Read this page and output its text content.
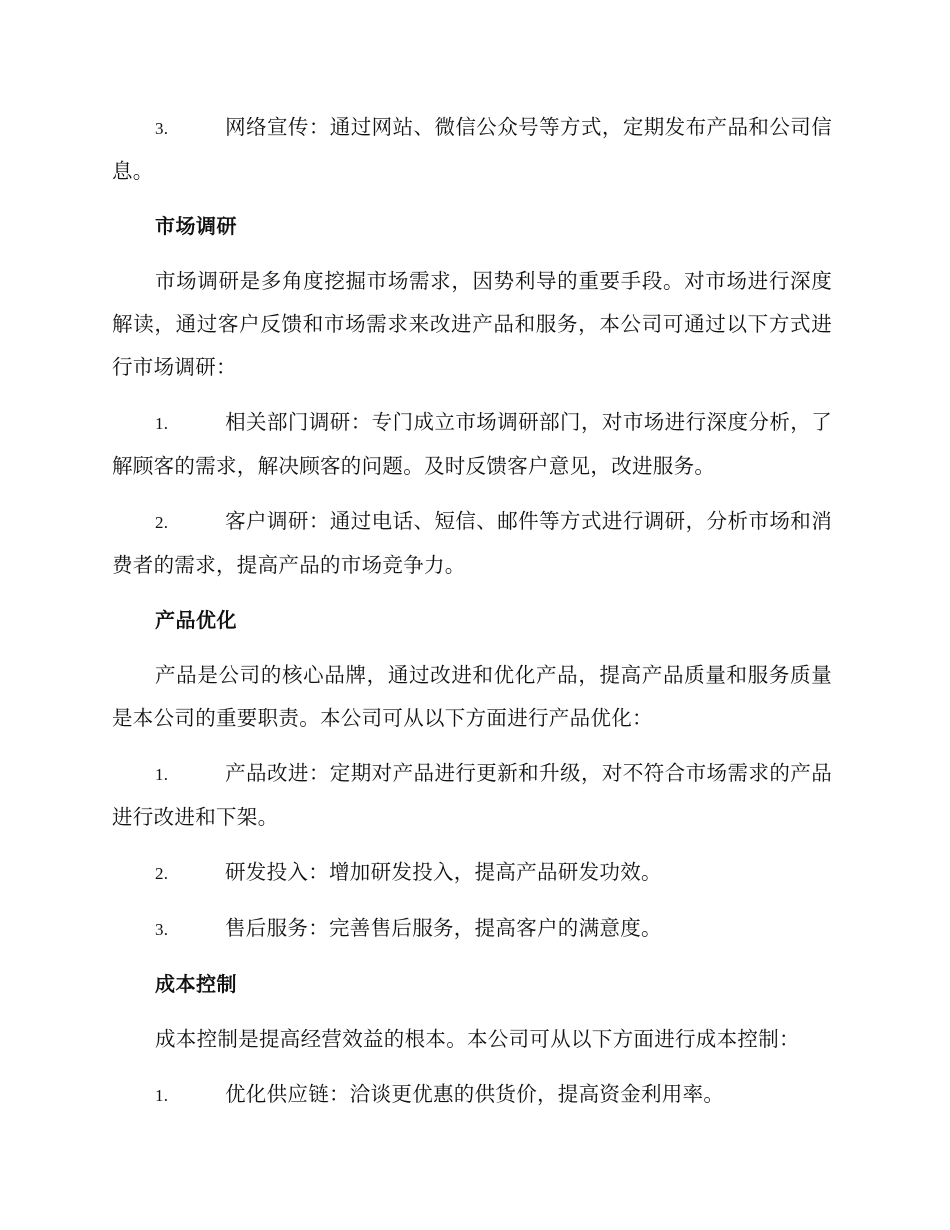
3.	网络宣传：通过网站、微信公众号等方式，定期发布产品和公司信息。

市场调研

市场调研是多角度挖掘市场需求，因势利导的重要手段。对市场进行深度解读，通过客户反馈和市场需求来改进产品和服务，本公司可通过以下方式进行市场调研：

1.	相关部门调研：专门成立市场调研部门，对市场进行深度分析，了解顾客的需求，解决顾客的问题。及时反馈客户意见，改进服务。

2.	客户调研：通过电话、短信、邮件等方式进行调研，分析市场和消费者的需求，提高产品的市场竞争力。

产品优化

产品是公司的核心品牌，通过改进和优化产品，提高产品质量和服务质量是本公司的重要职责。本公司可从以下方面进行产品优化：

1.	产品改进：定期对产品进行更新和升级，对不符合市场需求的产品进行改进和下架。

2.	研发投入：增加研发投入，提高产品研发功效。

3.	售后服务：完善售后服务，提高客户的满意度。

成本控制

成本控制是提高经营效益的根本。本公司可从以下方面进行成本控制：

1.	优化供应链：洽谈更优惠的供货价，提高资金利用率。
